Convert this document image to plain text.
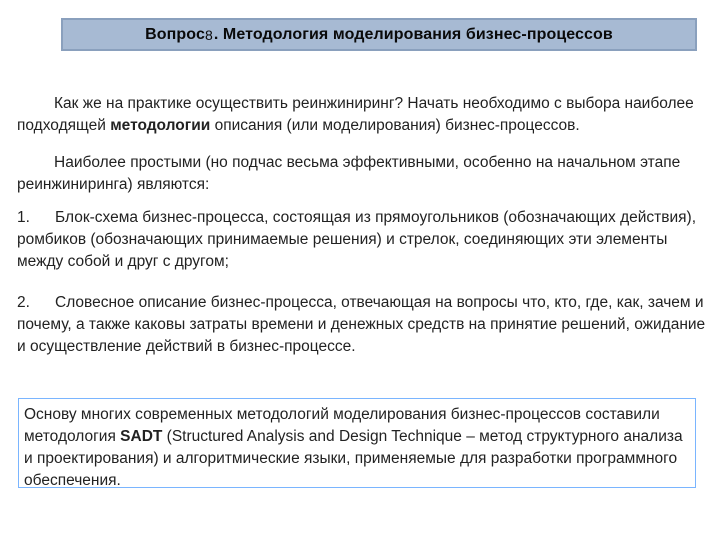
Вопрос 8 . Методология моделирования бизнес-процессов
Как же на практике осуществить реинжиниринг? Начать необходимо с выбора наиболее подходящей методологии описания (или моделирования) бизнес-процессов.
Наиболее простыми (но подчас весьма эффективными, особенно на начальном этапе реинжиниринга) являются:
1. Блок-схема бизнес-процесса, состоящая из прямоугольников (обозначающих действия), ромбиков (обозначающих принимаемые решения) и стрелок, соединяющих эти элементы между собой и друг с другом;
2. Словесное описание бизнес-процесса, отвечающая на вопросы что, кто, где, как, зачем и почему, а также каковы затраты времени и денежных средств на принятие решений, ожидание и осуществление действий в бизнес-процессе.
Основу многих современных методологий моделирования бизнес-процессов составили методология SADT (Structured Analysis and Design Technique – метод структурного анализа и проектирования) и алгоритмические языки, применяемые для разработки программного обеспечения.
